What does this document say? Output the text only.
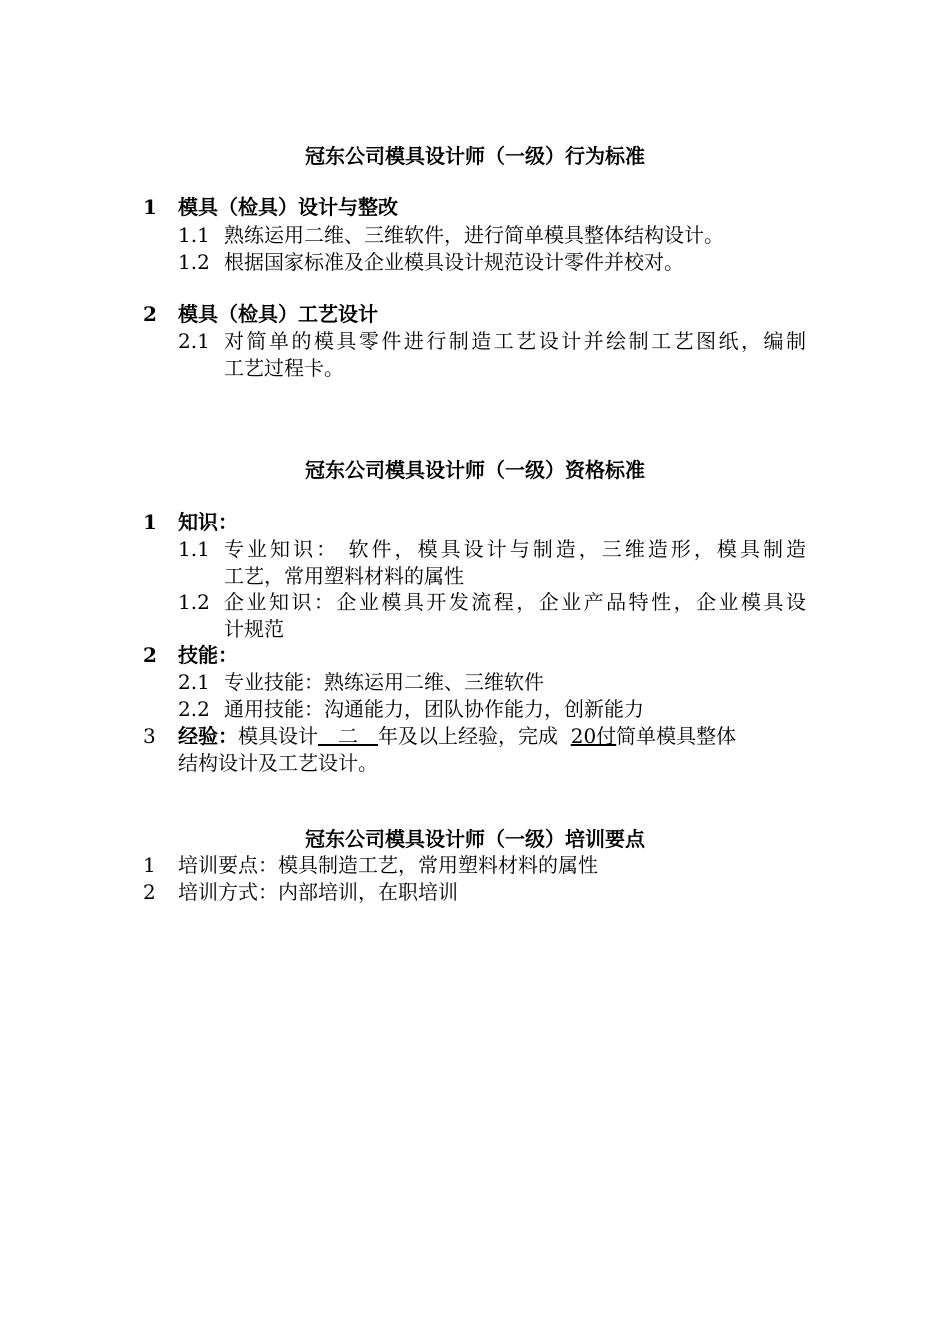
冠东公司模具设计师（一级）行为标准
1	模具（检具）设计与整改
1.1 熟练运用二维、三维软件，进行简单模具整体结构设计。
1.2 根据国家标准及企业模具设计规范设计零件并校对。
2	模具（检具）工艺设计
2.1 对简单的模具零件进行制造工艺设计并绘制工艺图纸，编制
工艺过程卡。
冠东公司模具设计师（一级）资格标准
1	知识：
1.1 专业知识： 软件，模具设计与制造，三维造形，模具制造
工艺，常用塑料材料的属性
1.2 企业知识：企业模具开发流程，企业产品特性，企业模具设
计规范
2	技能：
2.1 专业技能：熟练运用二维、三维软件
2.2 通用技能：沟通能力，团队协作能力，创新能力
3	经验：模具设计　二　年及以上经验，完成 20付简单模具整体
结构设计及工艺设计。
冠东公司模具设计师（一级）培训要点
1	培训要点：模具制造工艺，常用塑料材料的属性
2	培训方式：内部培训，在职培训
